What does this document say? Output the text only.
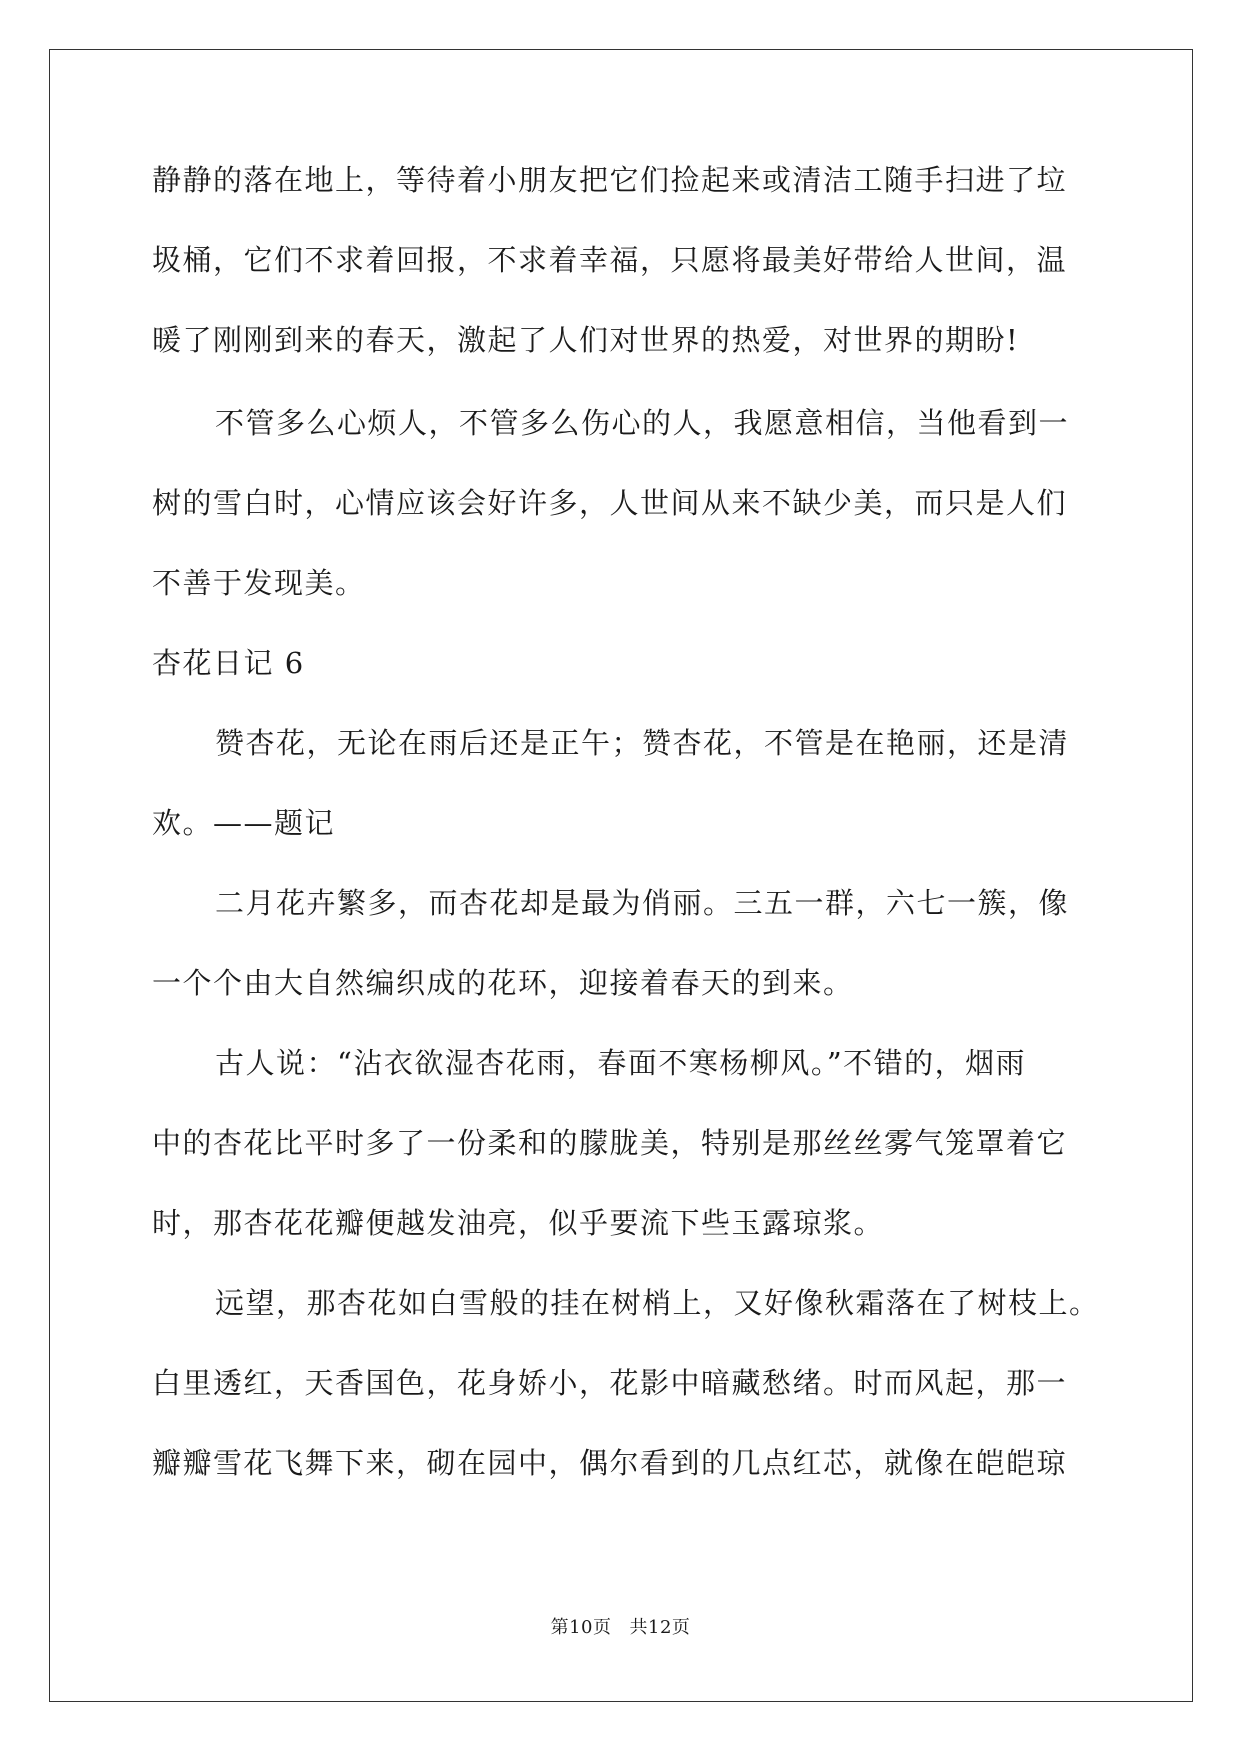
静静的落在地上，等待着小朋友把它们捡起来或清洁工随手扫进了垃
圾桶，它们不求着回报，不求着幸福，只愿将最美好带给人世间，温
暖了刚刚到来的春天，激起了人们对世界的热爱，对世界的期盼!
不管多么心烦人，不管多么伤心的人，我愿意相信，当他看到一
树的雪白时，心情应该会好许多，人世间从来不缺少美，而只是人们
不善于发现美。
杏花日记 6
赞杏花，无论在雨后还是正午；赞杏花，不管是在艳丽，还是清
欢。——题记
二月花卉繁多，而杏花却是最为俏丽。三五一群，六七一簇，像
一个个由大自然编织成的花环，迎接着春天的到来。
古人说：“沾衣欲湿杏花雨，春面不寒杨柳风。”不错的，烟雨
中的杏花比平时多了一份柔和的朦胧美，特别是那丝丝雾气笼罩着它
时，那杏花花瓣便越发油亮，似乎要流下些玉露琼浆。
远望，那杏花如白雪般的挂在树梢上，又好像秋霜落在了树枝上。
白里透红，天香国色，花身娇小，花影中暗藏愁绪。时而风起，那一
瓣瓣雪花飞舞下来，砌在园中，偶尔看到的几点红芯，就像在皑皑琼
第10页 共12页
